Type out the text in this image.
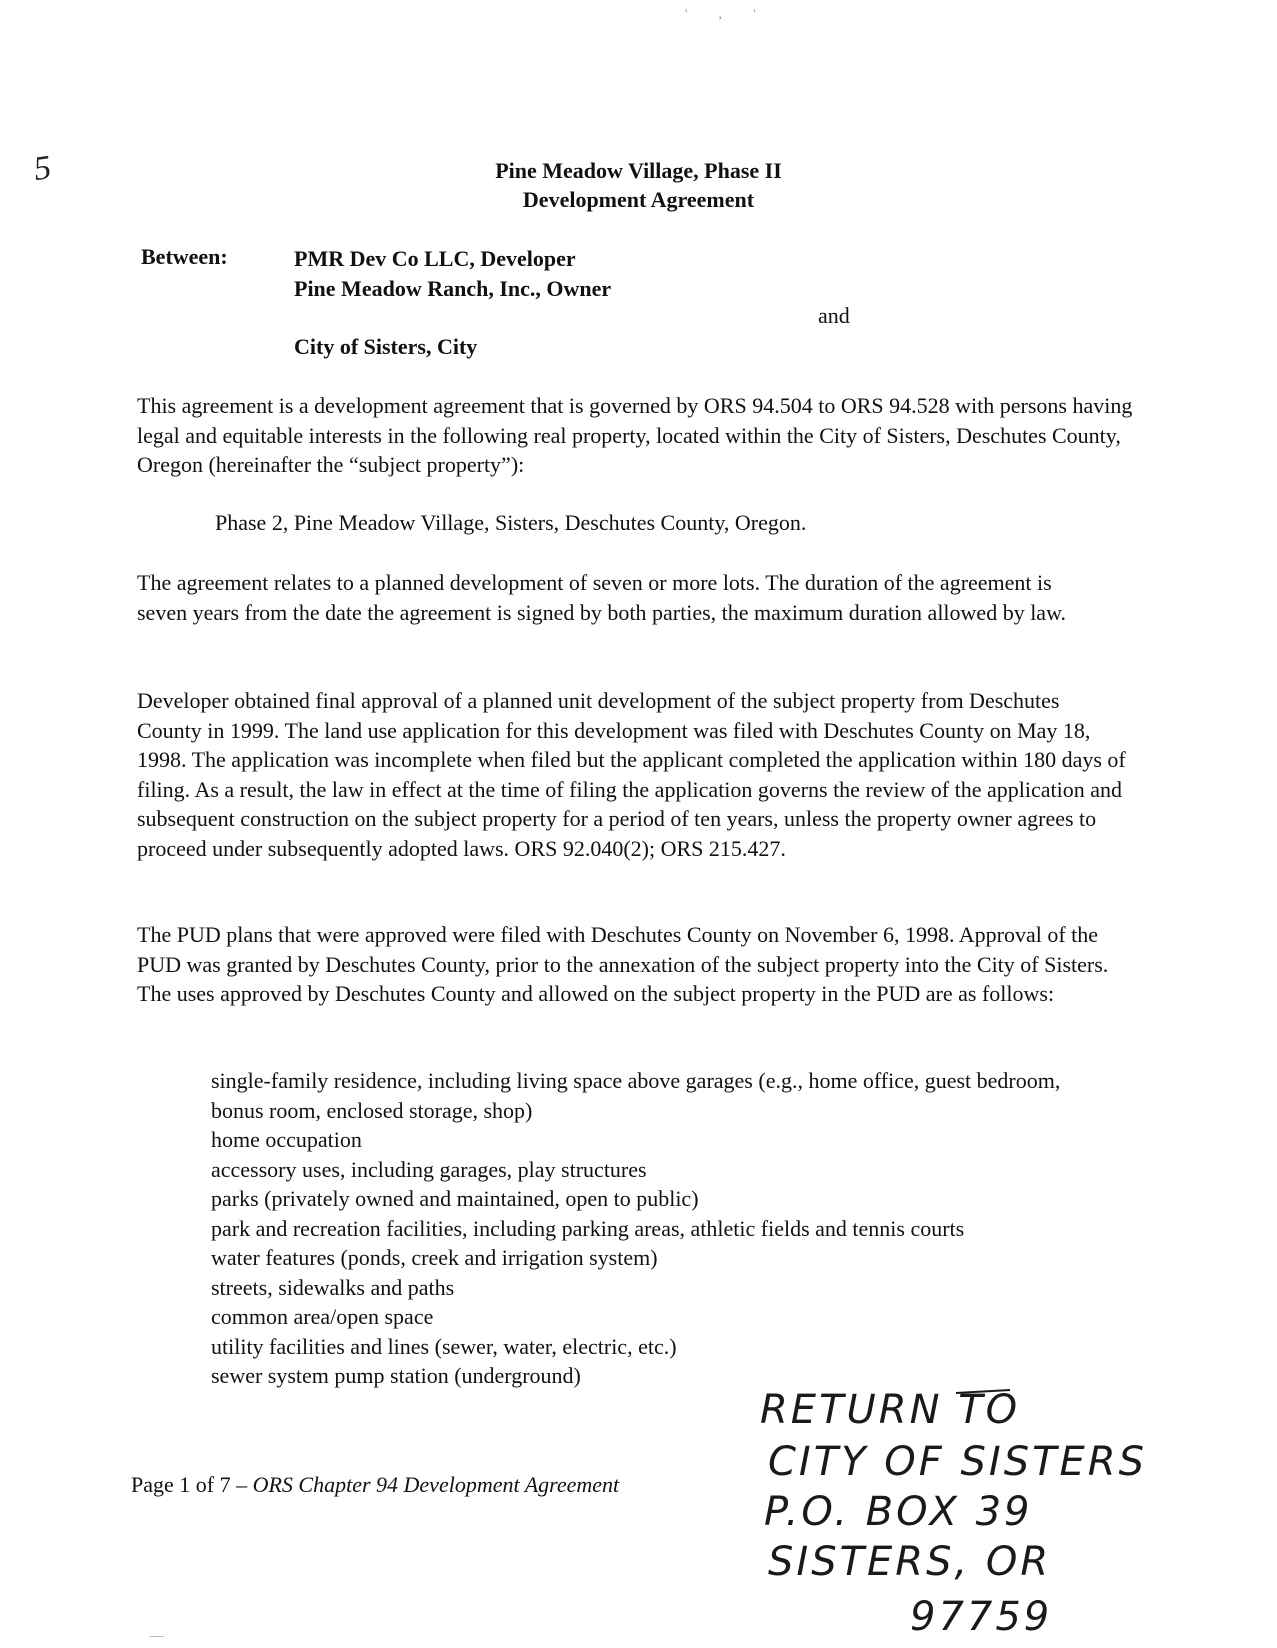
' , '
5	Pine Meadow Village, Phase II
Development Agreement
Between:	PMR Dev Co LLC, Developer
Pine Meadow Ranch, Inc., Owner
and
City of Sisters, City

This agreement is a development agreement that is governed by ORS 94.504 to ORS 94.528 with persons having legal and equitable interests in the following real property, located within the City of Sisters, Deschutes County, Oregon (hereinafter the “subject property”):

Phase 2, Pine Meadow Village, Sisters, Deschutes County, Oregon.

The agreement relates to a planned development of seven or more lots. The duration of the agreement is seven years from the date the agreement is signed by both parties, the maximum duration allowed by law.

Developer obtained final approval of a planned unit development of the subject property from Deschutes County in 1999. The land use application for this development was filed with Deschutes County on May 18, 1998. The application was incomplete when filed but the applicant completed the application within 180 days of filing. As a result, the law in effect at the time of filing the application governs the review of the application and subsequent construction on the subject property for a period of ten years, unless the property owner agrees to proceed under subsequently adopted laws. ORS 92.040(2); ORS 215.427.

The PUD plans that were approved were filed with Deschutes County on November 6, 1998. Approval of the PUD was granted by Deschutes County, prior to the annexation of the subject property into the City of Sisters. The uses approved by Deschutes County and allowed on the subject property in the PUD are as follows:

single-family residence, including living space above garages (e.g., home office, guest bedroom, bonus room, enclosed storage, shop)
home occupation
accessory uses, including garages, play structures
parks (privately owned and maintained, open to public)
park and recreation facilities, including parking areas, athletic fields and tennis courts
water features (ponds, creek and irrigation system)
streets, sidewalks and paths
common area/open space
utility facilities and lines (sewer, water, electric, etc.)
sewer system pump station (underground)
Page 1 of 7 – ORS Chapter 94 Development Agreement
RETURN TO
CITY OF SISTERS
P.O. BOX 39
SISTERS, OR
97759
